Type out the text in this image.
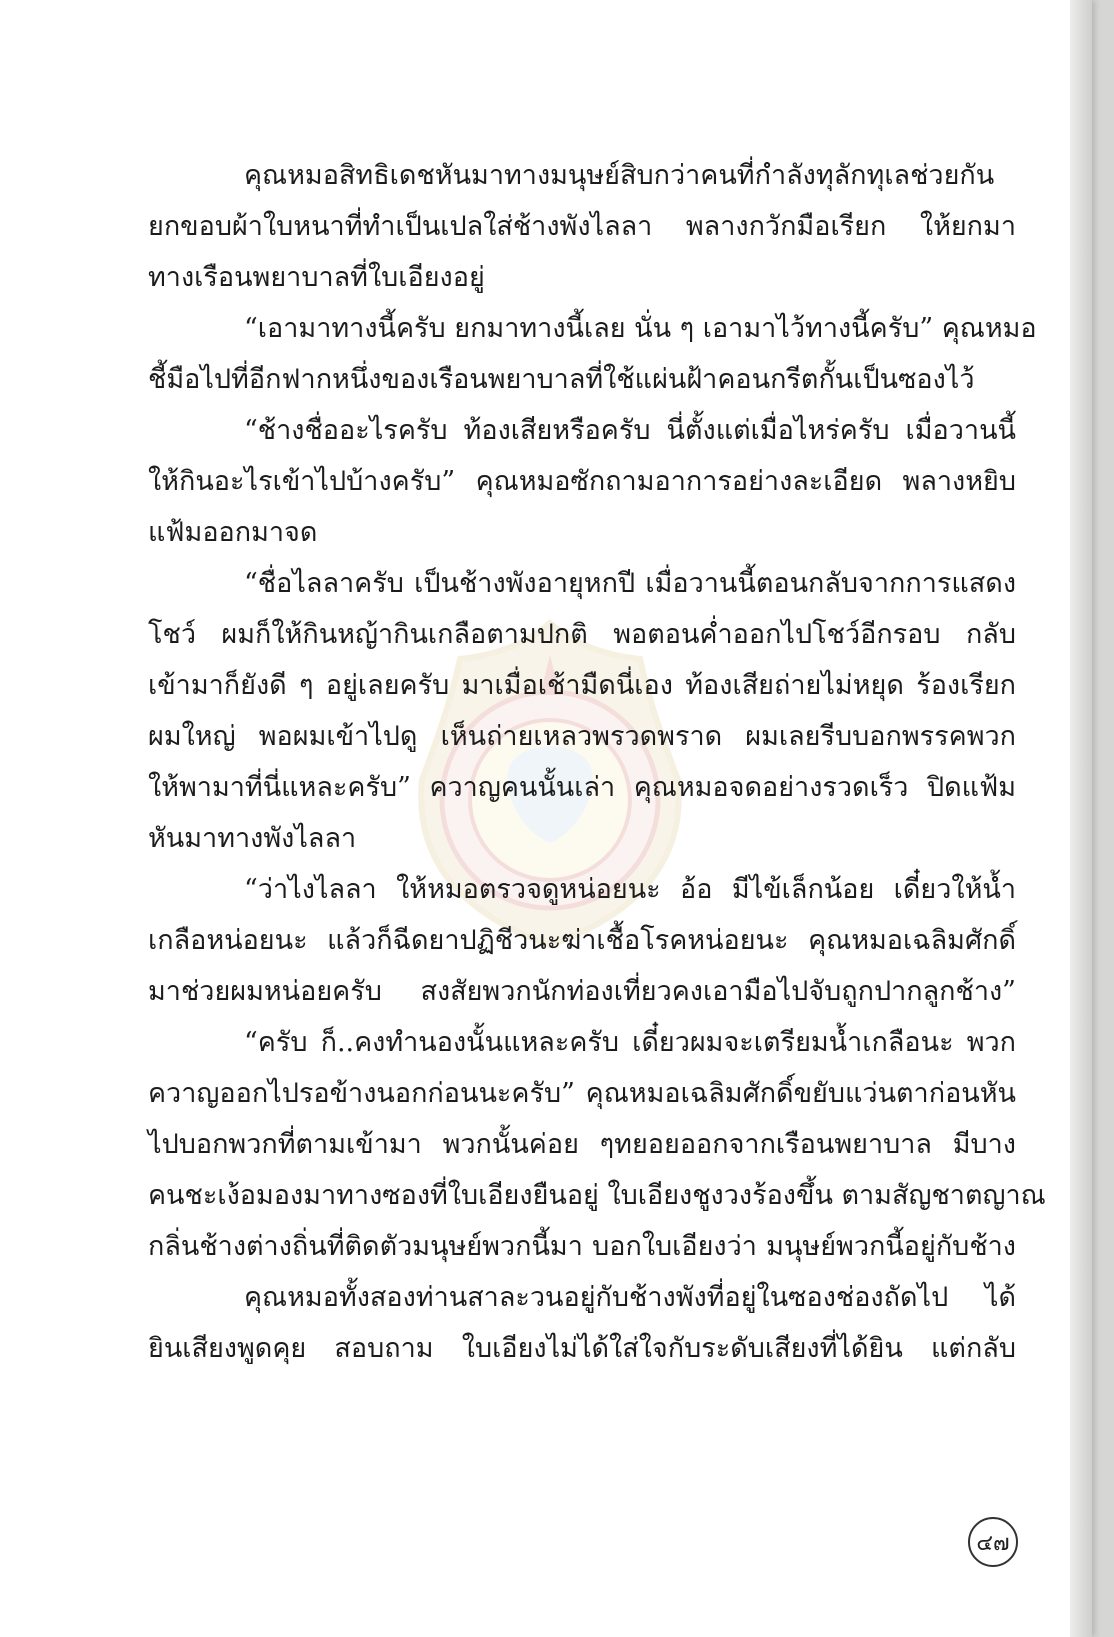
คุณหมอสิทธิเดชหันมาทางมนุษย์สิบกว่าคนที่กำลังทุลักทุเลช่วยกัน
ยกขอบผ้าใบหนาที่ทำเป็นเปลใส่ช้างพังไลลา พลางกวักมือเรียก ให้ยกมา
ทางเรือนพยาบาลที่ใบเอียงอยู่
“เอามาทางนี้ครับ ยกมาทางนี้เลย นั่น ๆ เอามาไว้ทางนี้ครับ” คุณหมอ
ชี้มือไปที่อีกฟากหนึ่งของเรือนพยาบาลที่ใช้แผ่นฝ้าคอนกรีตกั้นเป็นซองไว้
“ช้างชื่ออะไรครับ ท้องเสียหรือครับ นี่ตั้งแต่เมื่อไหร่ครับ เมื่อวานนี้
ให้กินอะไรเข้าไปบ้างครับ” คุณหมอซักถามอาการอย่างละเอียด พลางหยิบ
แฟ้มออกมาจด
“ชื่อไลลาครับ เป็นช้างพังอายุหกปี เมื่อวานนี้ตอนกลับจากการแสดง
โชว์ ผมก็ให้กินหญ้ากินเกลือตามปกติ พอตอนค่ำออกไปโชว์อีกรอบ กลับ
เข้ามาก็ยังดี ๆ อยู่เลยครับ มาเมื่อเช้ามืดนี่เอง ท้องเสียถ่ายไม่หยุด ร้องเรียก
ผมใหญ่ พอผมเข้าไปดู เห็นถ่ายเหลวพรวดพราด ผมเลยรีบบอกพรรคพวก
ให้พามาที่นี่แหละครับ” ควาญคนนั้นเล่า คุณหมอจดอย่างรวดเร็ว ปิดแฟ้ม
หันมาทางพังไลลา
“ว่าไงไลลา ให้หมอตรวจดูหน่อยนะ อ้อ มีไข้เล็กน้อย เดี๋ยวให้น้ำ
เกลือหน่อยนะ แล้วก็ฉีดยาปฏิชีวนะฆ่าเชื้อโรคหน่อยนะ คุณหมอเฉลิมศักดิ์
มาช่วยผมหน่อยครับ สงสัยพวกนักท่องเที่ยวคงเอามือไปจับถูกปากลูกช้าง”
“ครับ ก็..คงทำนองนั้นแหละครับ เดี๋ยวผมจะเตรียมน้ำเกลือนะ พวก
ควาญออกไปรอข้างนอกก่อนนะครับ” คุณหมอเฉลิมศักดิ์ขยับแว่นตาก่อนหัน
ไปบอกพวกที่ตามเข้ามา พวกนั้นค่อย ๆทยอยออกจากเรือนพยาบาล มีบาง
คนชะเง้อมองมาทางซองที่ใบเอียงยืนอยู่ ใบเอียงชูงวงร้องขึ้น ตามสัญชาตญาณ
กลิ่นช้างต่างถิ่นที่ติดตัวมนุษย์พวกนี้มา บอกใบเอียงว่า มนุษย์พวกนี้อยู่กับช้าง
คุณหมอทั้งสองท่านสาละวนอยู่กับช้างพังที่อยู่ในซองช่องถัดไป ได้
ยินเสียงพูดคุย สอบถาม ใบเอียงไม่ได้ใส่ใจกับระดับเสียงที่ได้ยิน แต่กลับ
๔๗
